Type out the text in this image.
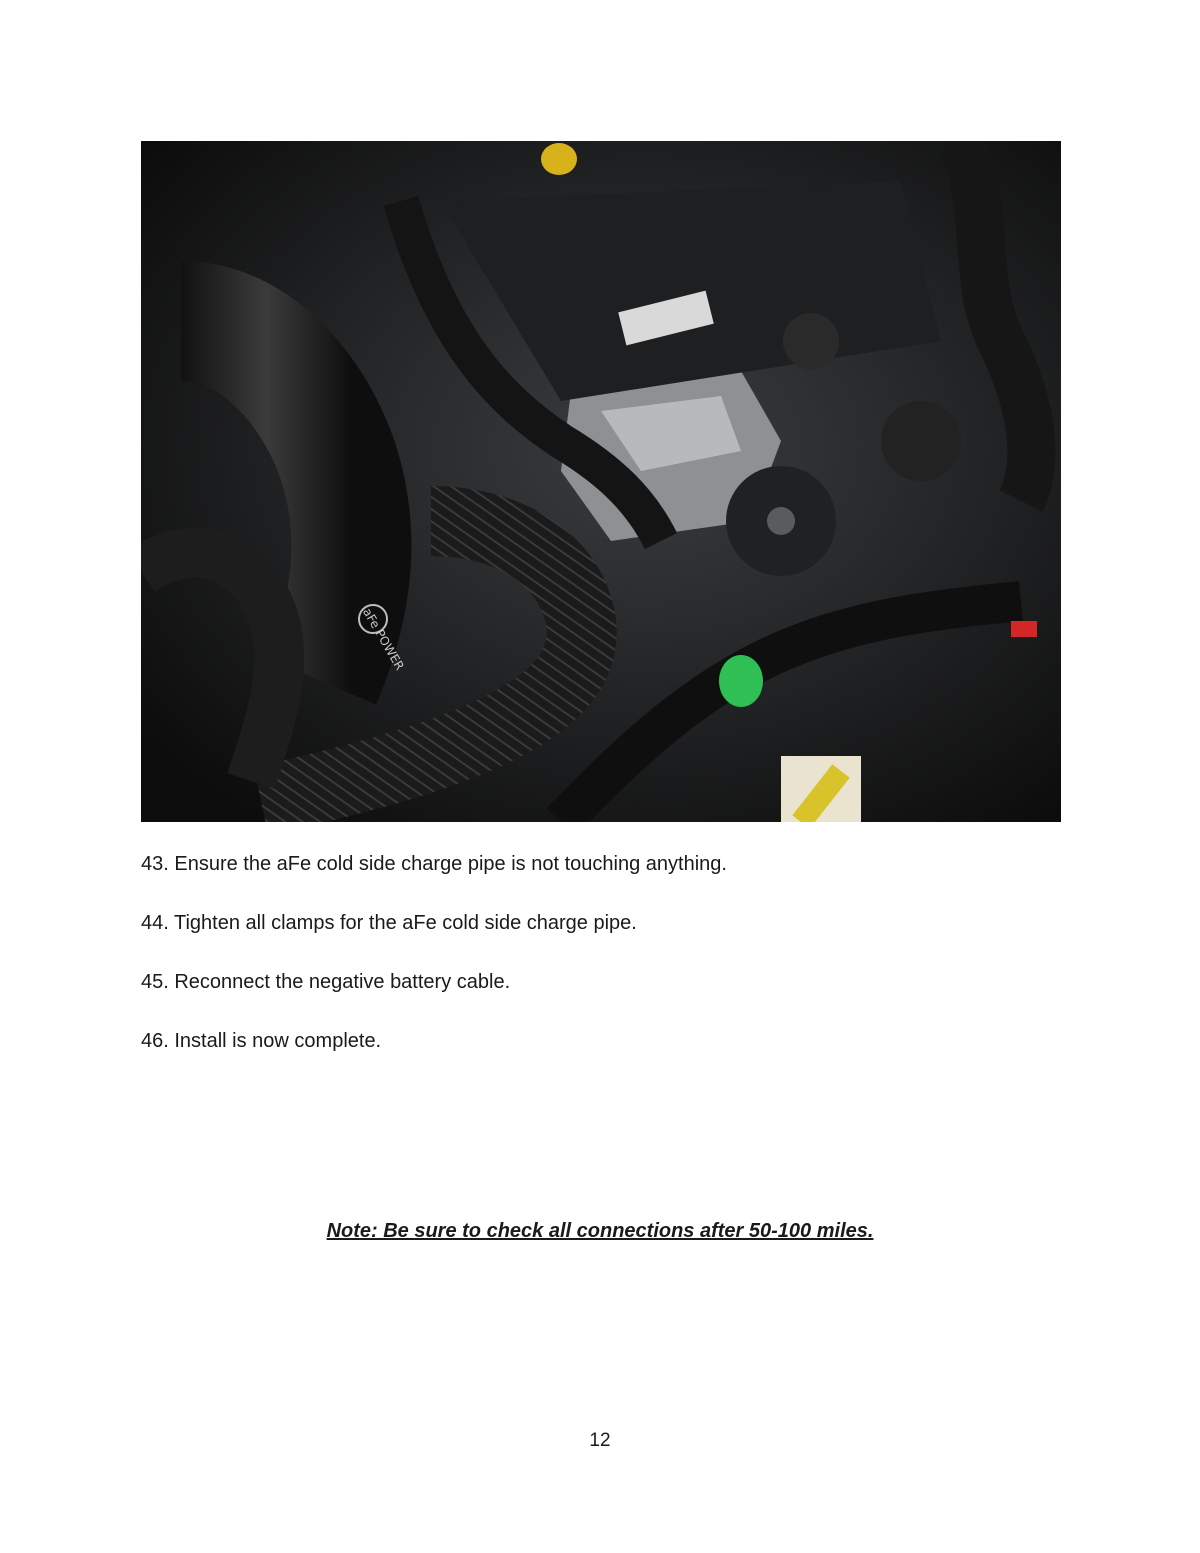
aFe POWER

43. Ensure the aFe cold side charge pipe is not touching anything.

44. Tighten all clamps for the aFe cold side charge pipe.

45. Reconnect the negative battery cable.

46. Install is now complete.

Note: Be sure to check all connections after 50-100 miles.
12
